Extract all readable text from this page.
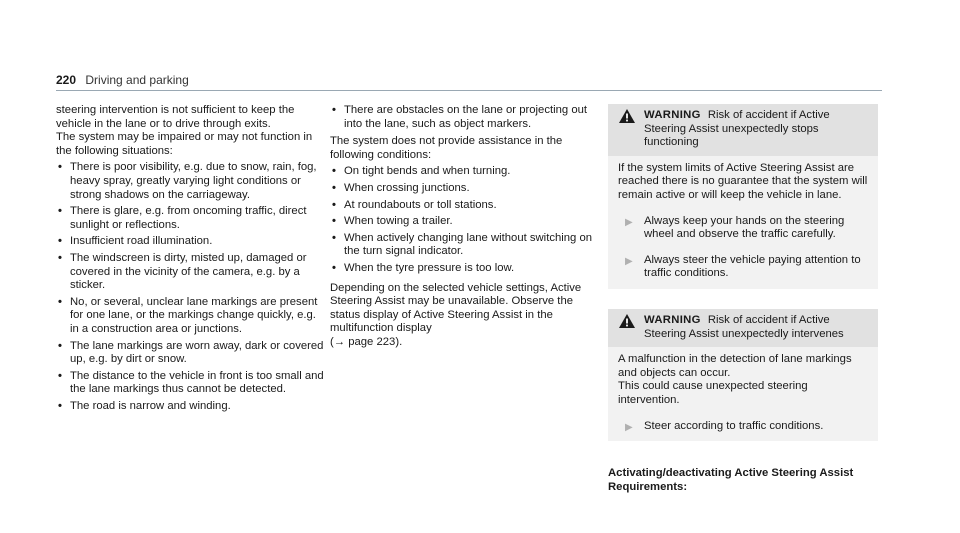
220 Driving and parking

steering intervention is not sufficient to keep the vehicle in the lane or to drive through exits.

The system may be impaired or may not function in the following situations:

• There is poor visibility, e.g. due to snow, rain, fog, heavy spray, greatly varying light conditions or strong shadows on the carriageway.
• There is glare, e.g. from oncoming traffic, direct sunlight or reflections.
• Insufficient road illumination.
• The windscreen is dirty, misted up, damaged or covered in the vicinity of the camera, e.g. by a sticker.
• No, or several, unclear lane markings are present for one lane, or the markings change quickly, e.g. in a construction area or junctions.
• The lane markings are worn away, dark or covered up, e.g. by dirt or snow.
• The distance to the vehicle in front is too small and the lane markings thus cannot be detected.
• The road is narrow and winding.
• There are obstacles on the lane or projecting out into the lane, such as object markers.

The system does not provide assistance in the following conditions:

• On tight bends and when turning.
• When crossing junctions.
• At roundabouts or toll stations.
• When towing a trailer.
• When actively changing lane without switching on the turn signal indicator.
• When the tyre pressure is too low.

Depending on the selected vehicle settings, Active Steering Assist may be unavailable. Observe the status display of Active Steering Assist in the multifunction display
(→ page 223).

WARNING Risk of accident if Active Steering Assist unexpectedly stops functioning

If the system limits of Active Steering Assist are reached there is no guarantee that the system will remain active or will keep the vehicle in lane.

▶ Always keep your hands on the steering wheel and observe the traffic carefully.
▶ Always steer the vehicle paying attention to traffic conditions.
WARNING Risk of accident if Active Steering Assist unexpectedly intervenes

A malfunction in the detection of lane markings and objects can occur.

This could cause unexpected steering intervention.

▶ Steer according to traffic conditions.
Activating/deactivating Active Steering Assist
Requirements:
